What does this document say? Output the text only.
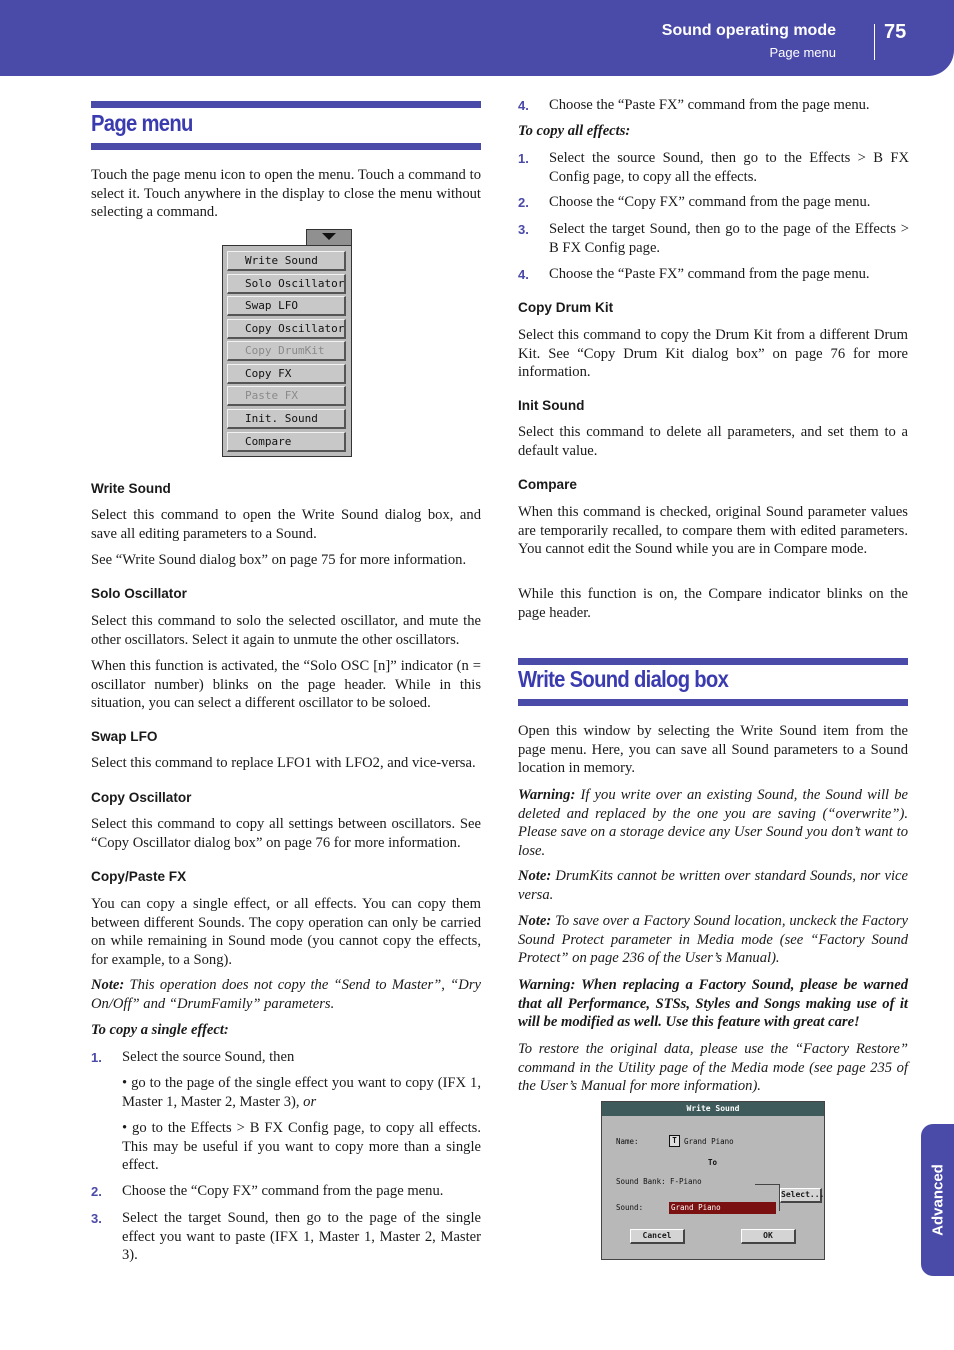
Sound operating mode
Page menu
75
Advanced
Page menu

Touch the page menu icon to open the menu. Touch a command to select it. Touch anywhere in the display to close the menu without selecting a command.

Write Sound
Solo Oscillator
Swap LFO
Copy Oscillator
Copy DrumKit
Copy FX
Paste FX
Init. Sound
Compare
Write Sound

Select this command to open the Write Sound dialog box, and save all editing parameters to a Sound.

See “Write Sound dialog box” on page 75 for more information.

Solo Oscillator

Select this command to solo the selected oscillator, and mute the other oscillators. Select it again to unmute the other oscillators.

When this function is activated, the “Solo OSC [n]” indicator (n = oscillator number) blinks on the page header. While in this situation, you can select a different oscillator to be soloed.

Swap LFO

Select this command to replace LFO1 with LFO2, and vice-versa.

Copy Oscillator

Select this command to copy all settings between oscillators. See “Copy Oscillator dialog box” on page 76 for more information.

Copy/Paste FX

You can copy a single effect, or all effects. You can copy them between different Sounds. The copy operation can only be carried on while remaining in Sound mode (you cannot copy the effects, for example, to a Song).

Note: This operation does not copy the “Send to Master”, “Dry On/Off” and “DrumFamily” parameters.

To copy a single effect:

1. Select the source Sound, then

• go to the page of the single effect you want to copy (IFX 1, Master 1, Master 2, Master 3), or

• go to the Effects > B FX Config page, to copy all effects. This may be useful if you want to copy more than a single effect.

2. Choose the “Copy FX” command from the page menu.

3. Select the target Sound, then go to the page of the single effect you want to paste (IFX 1, Master 1, Master 2, Master 3).

4. Choose the “Paste FX” command from the page menu.

To copy all effects:

1. Select the source Sound, then go to the Effects > B FX Config page, to copy all the effects.

2. Choose the “Copy FX” command from the page menu.

3. Select the target Sound, then go to the page of the Effects > B FX Config page.

4. Choose the “Paste FX” command from the page menu.

Copy Drum Kit

Select this command to copy the Drum Kit from a different Drum Kit. See “Copy Drum Kit dialog box” on page 76 for more information.

Init Sound

Select this command to delete all parameters, and set them to a default value.

Compare

When this command is checked, original Sound parameter values are temporarily recalled, to compare them with edited parameters. You cannot edit the Sound while you are in Compare mode.

While this function is on, the Compare indicator blinks on the page header.

Write Sound dialog box

Open this window by selecting the Write Sound item from the page menu. Here, you can save all Sound parameters to a Sound location in memory.

Warning: If you write over an existing Sound, the Sound will be deleted and replaced by the one you are saving (“overwrite”). Please save on a storage device any User Sound you don’t want to lose.

Note: DrumKits cannot be written over standard Sounds, nor vice versa.

Note: To save over a Factory Sound location, unckeck the Factory Sound Protect parameter in Media mode (see “Factory Sound Protect” on page 236 of the User’s Manual).

Warning: When replacing a Factory Sound, please be warned that all Performance, STSs, Styles and Songs making use of it will be modified as well. Use this feature with great care!

To restore the original data, please use the “Factory Restore” command in the Utility page of the Media mode (see page 235 of the User’s Manual for more information).

Write Sound
Name:	T Grand Piano
To
Sound Bank: F-Piano
Sound:	Grand Piano
Select...
Cancel	OK
